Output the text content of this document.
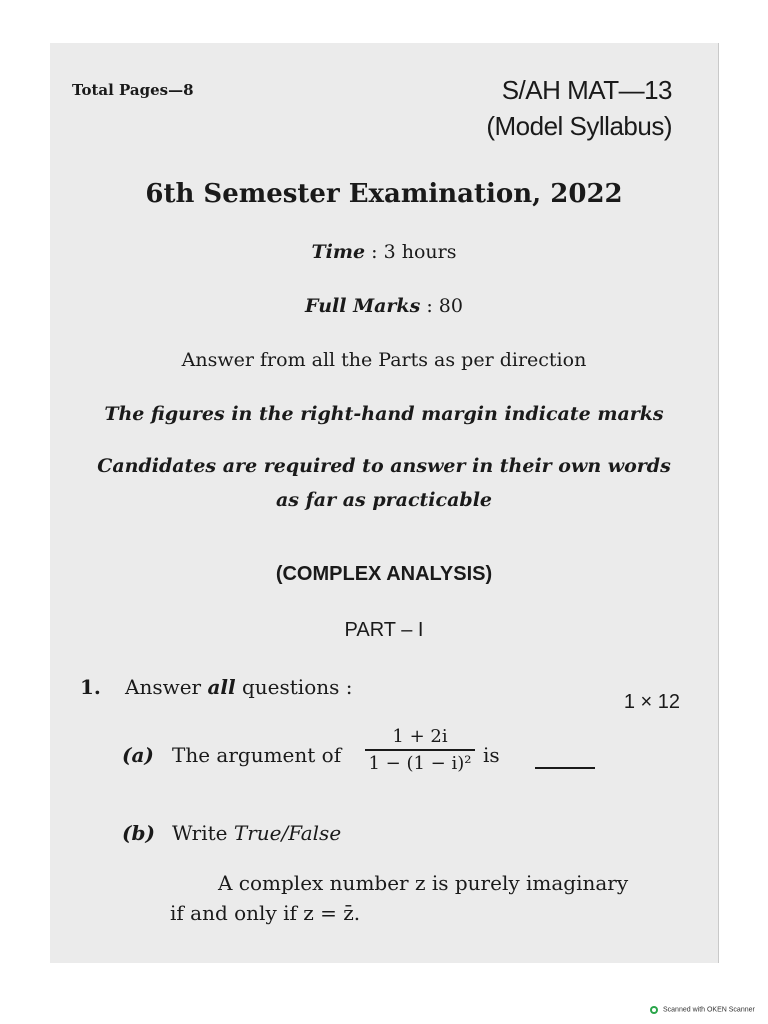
Total Pages—8	S/AH MAT—13
(Model Syllabus)
6th Semester Examination, 2022
Time : 3 hours
Full Marks : 80
Answer from all the Parts as per direction
The figures in the right-hand margin indicate marks
Candidates are required to answer in their own words
as far as practicable
(COMPLEX ANALYSIS)
PART – I
1. Answer all questions :
1 × 12
(a) The argument of
1 + 2i
1 − (1 − i)² is
(b) Write True/False
A complex number z is purely imaginary
if and only if z = z̄.
Scanned with OKEN Scanner
